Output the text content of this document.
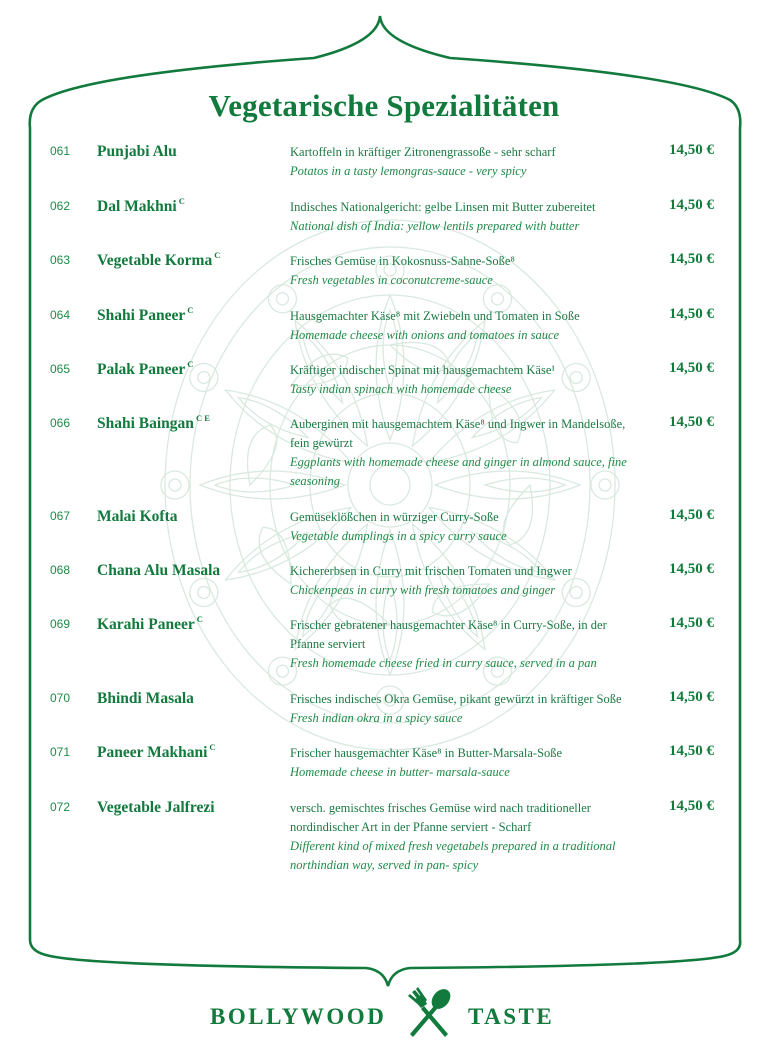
Vegetarische Spezialitäten
061 Punjabi Alu	Kartoffeln in kräftiger Zitronengrassoße - sehr scharf
Potatos in a tasty lemongras-sauce - very spicy
14,50 €
062 Dal Makhni $^C$	Indisches Nationalgericht: gelbe Linsen mit Butter zubereitet
National dish of India: yellow lentils prepared with butter
14,50 €
063 Vegetable Korma $^C$	Frisches Gemüse in Kokosnuss-Sahne-Soße⁸
Fresh vegetables in coconutcreme-sauce
14,50 €
064 Shahi Paneer $^C$	Hausgemachter Käse⁸ mit Zwiebeln und Tomaten in Soße
Homemade cheese with onions and tomatoes in sauce
14,50 €
065 Palak Paneer $^C$	Kräftiger indischer Spinat mit hausgemachtem Käse¹
Tasty indian spinach with homemade cheese
14,50 €
066 Shahi Baingan $^{C E}$	Auberginen mit hausgemachtem Käse⁸ und Ingwer in Mandelsoße, fein gewürzt
Eggplants with homemade cheese and ginger in almond sauce, fine seasoning
14,50 €
067 Malai Kofta	Gemüseklößchen in würziger Curry-Soße
Vegetable dumplings in a spicy curry sauce
14,50 €
068 Chana Alu Masala	Kichererbsen in Curry mit frischen Tomaten und Ingwer
Chickenpeas in curry with fresh tomatoes and ginger
14,50 €
069 Karahi Paneer $^C$	Frischer gebratener hausgemachter Käse⁸ in Curry-Soße, in der Pfanne serviert
Fresh homemade cheese fried in curry sauce, served in a pan
14,50 €
070 Bhindi Masala	Frisches indisches Okra Gemüse, pikant gewürzt in kräftiger Soße
Fresh indian okra in a spicy sauce
14,50 €
071 Paneer Makhani $^C$	Frischer hausgemachter Käse⁸ in Butter-Marsala-Soße
Homemade cheese in butter- marsala-sauce
14,50 €
072 Vegetable Jalfrezi	versch. gemischtes frisches Gemüse wird nach traditioneller nordindischer Art in der Pfanne serviert - Scharf
Different kind of mixed fresh vegetabels prepared in a traditional northindian way, served in pan- spicy
14,50 €
BOLLYWOOD	TASTE
